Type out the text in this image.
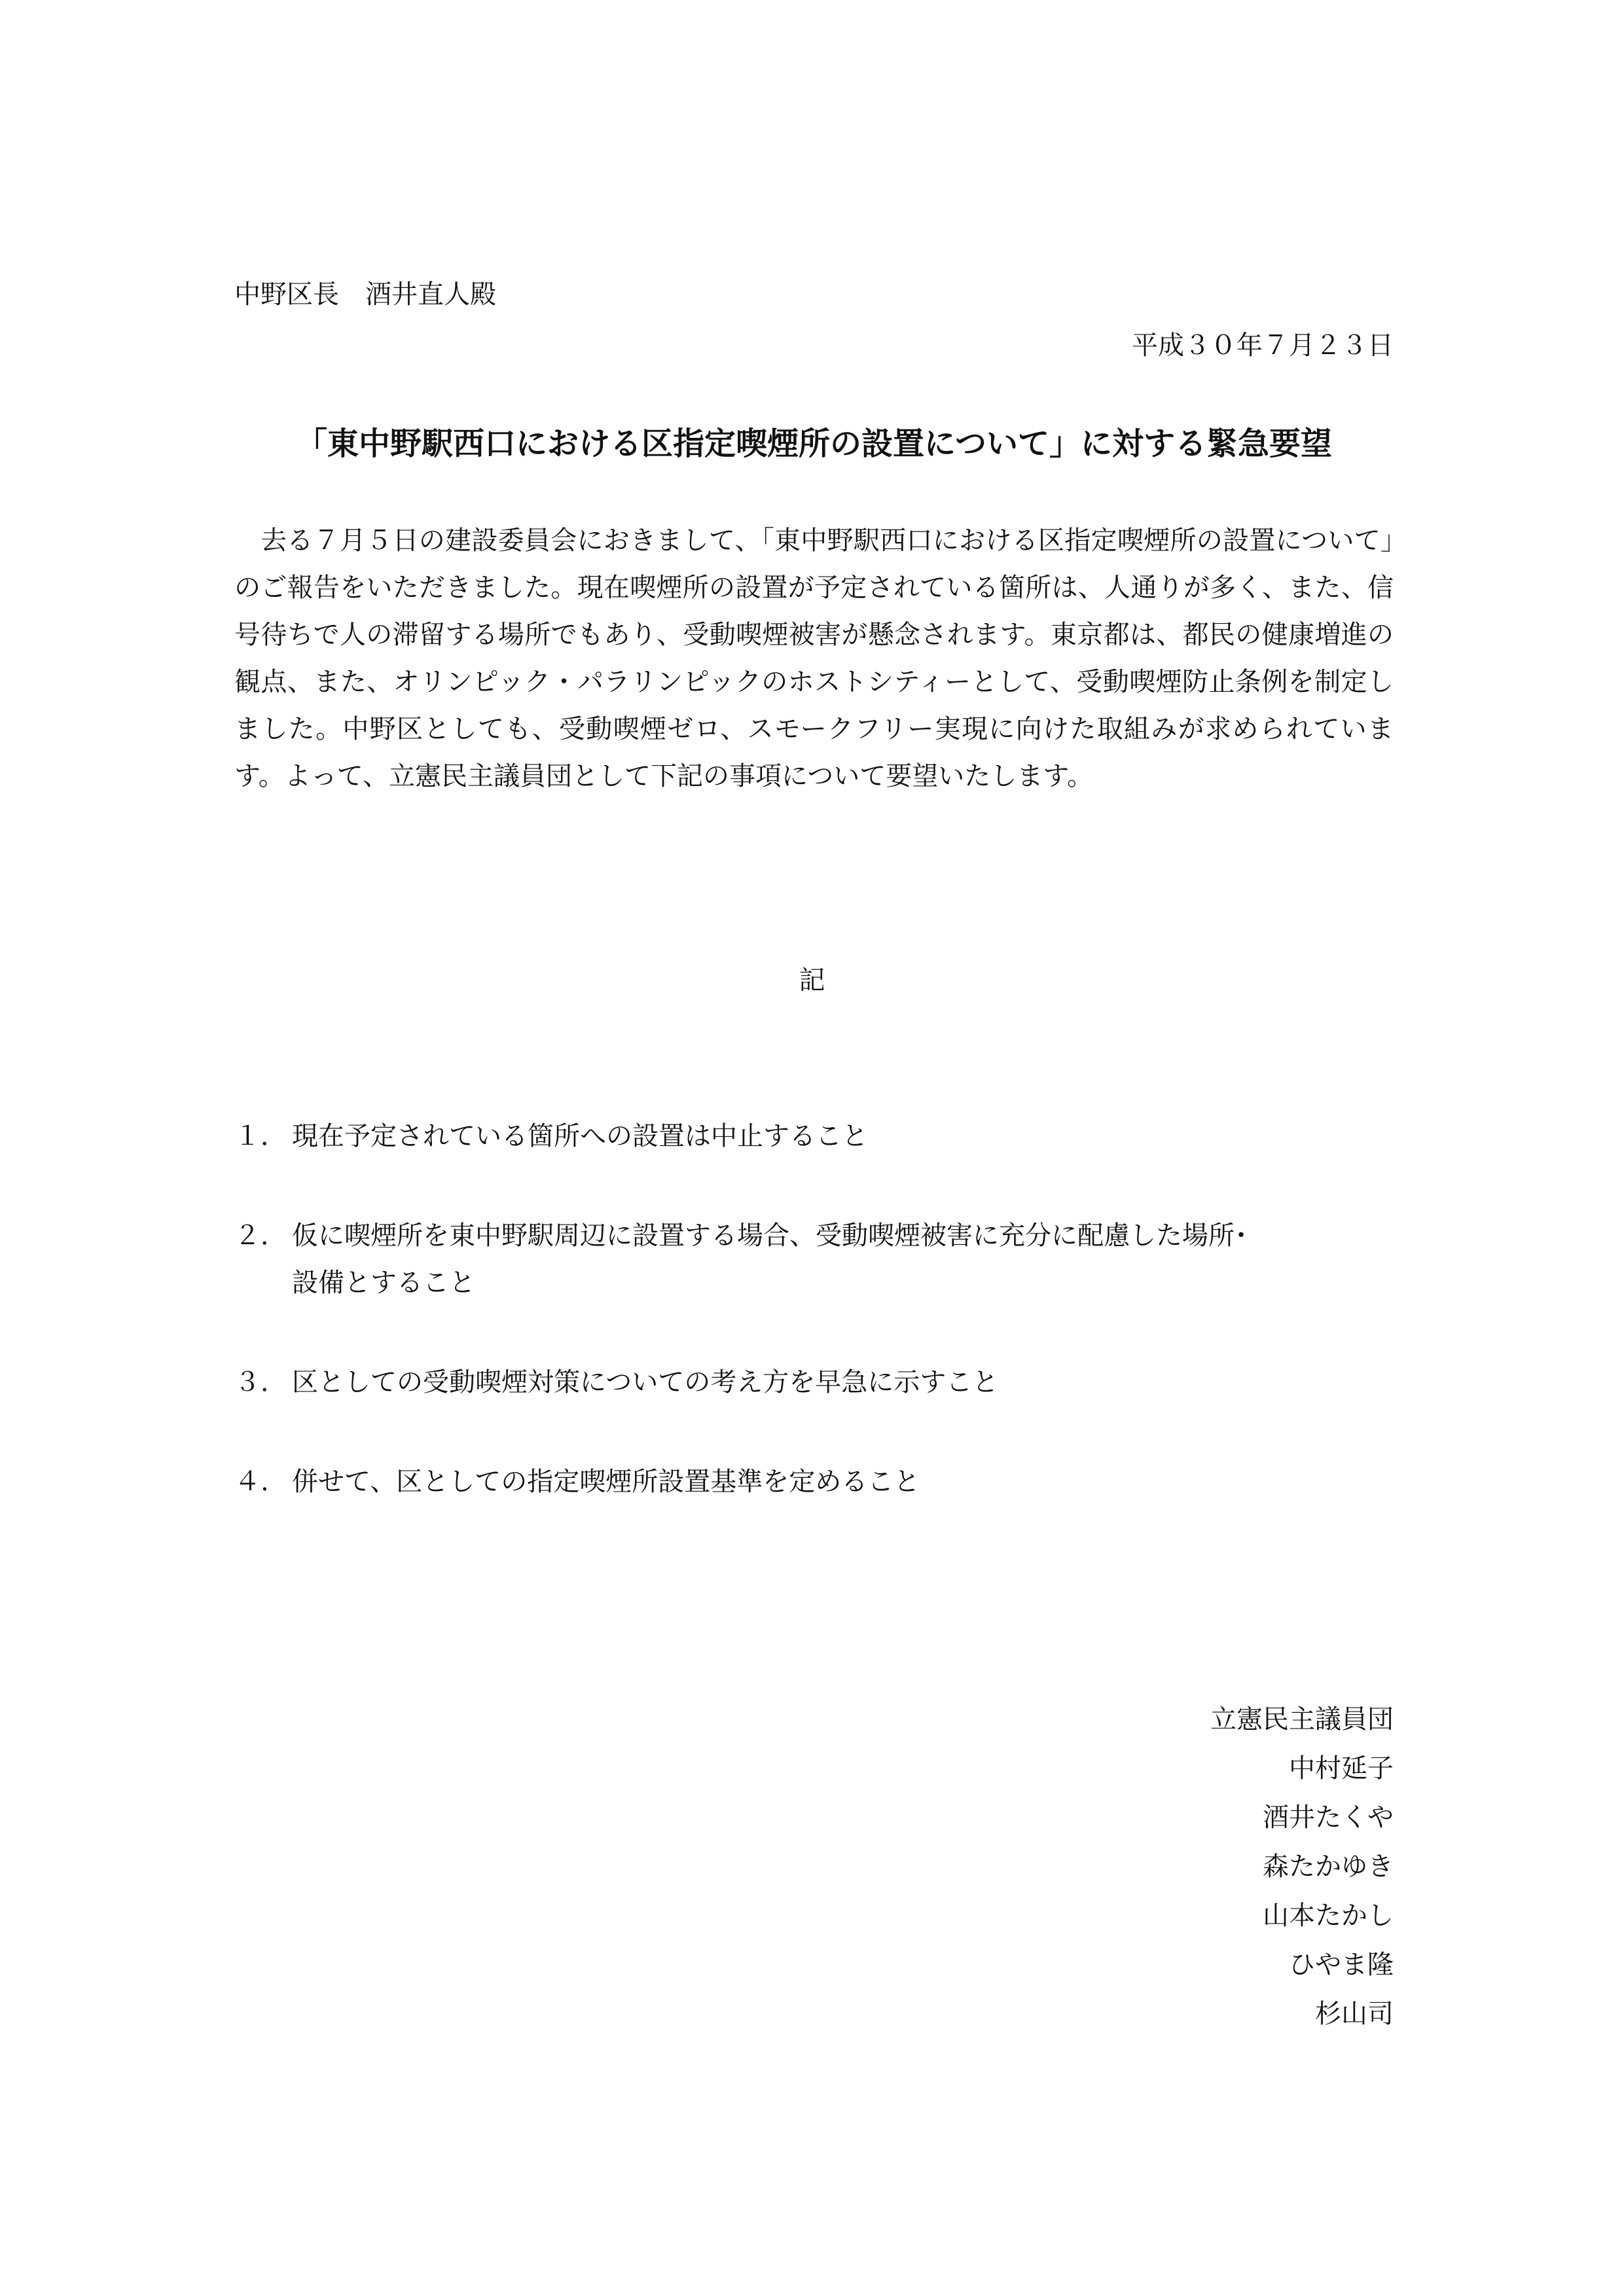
中野区長　酒井直人殿
平成３０年７月２３日
「東中野駅西口における区指定喫煙所の設置について」に対する緊急要望

去る７月５日の建設委員会におきまして、「東中野駅西口における区指定喫煙所の設置について」のご報告をいただきました。現在喫煙所の設置が予定されている箇所は、人通りが多く、また、信号待ちで人の滞留する場所でもあり、受動喫煙被害が懸念されます。東京都は、都民の健康増進の観点、また、オリンピック・パラリンピックのホストシティーとして、受動喫煙防止条例を制定しました。中野区としても、受動喫煙ゼロ、スモークフリー実現に向けた取組みが求められています。よって、立憲民主議員団として下記の事項について要望いたします。

記
１． 現在予定されている箇所への設置は中止すること
２． 仮に喫煙所を東中野駅周辺に設置する場合、受動喫煙被害に充分に配慮した場所･設備とすること
３． 区としての受動喫煙対策についての考え方を早急に示すこと
４. 併せて、区としての指定喫煙所設置基準を定めること
立憲民主議員団
中村延子
酒井たくや
森たかゆき
山本たかし
ひやま隆
杉山司
